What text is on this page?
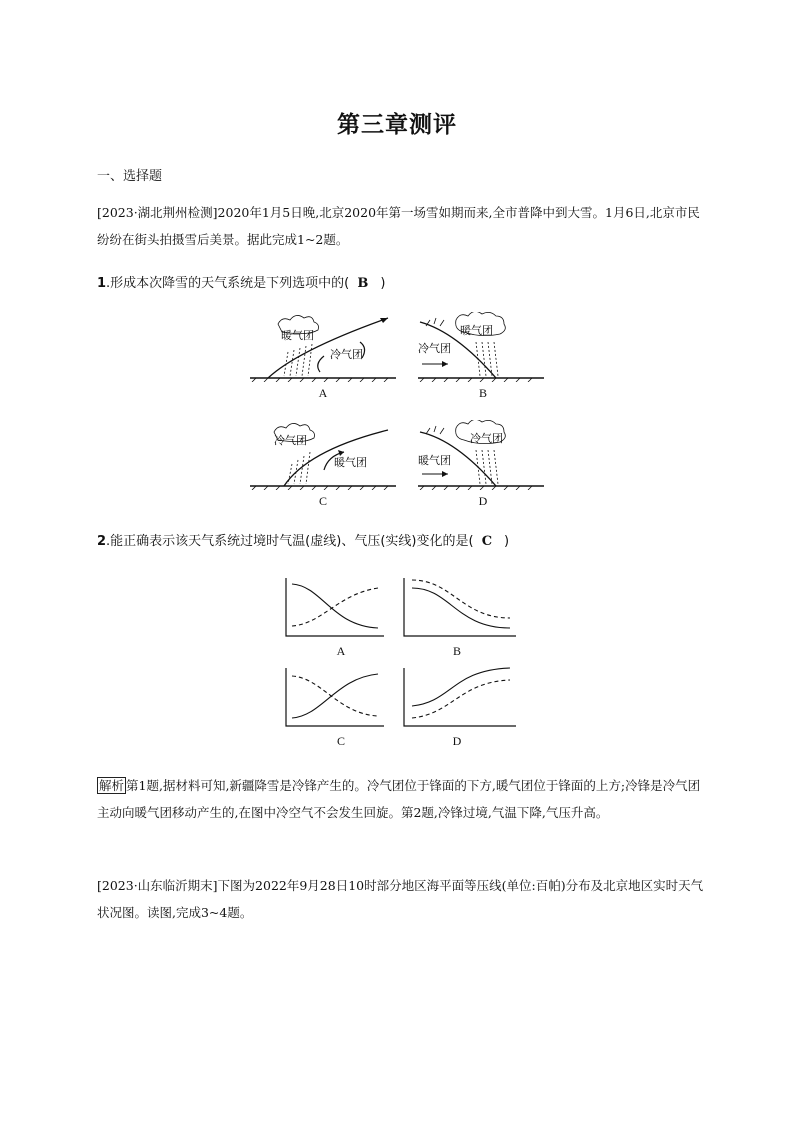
第三章测评
一、选择题
[2023·湖北荆州检测]2020年1月5日晚,北京2020年第一场雪如期而来,全市普降中到大雪。1月6日,北京市民纷纷在街头拍摄雪后美景。据此完成1~2题。
1.形成本次降雪的天气系统是下列选项中的( B )
暖气团
冷气团
A
暖气团
冷气团
B
冷气团
暖气团
C
冷气团
暖气团
D
2.能正确表示该天气系统过境时气温(虚线)、气压(实线)变化的是( C )
A	B
C	D
解析 第1题,据材料可知,新疆降雪是冷锋产生的。冷气团位于锋面的下方,暖气团位于锋面的上方;冷锋是冷气团主动向暖气团移动产生的,在图中冷空气不会发生回旋。第2题,冷锋过境,气温下降,气压升高。
[2023·山东临沂期末]下图为2022年9月28日10时部分地区海平面等压线(单位:百帕)分布及北京地区实时天气状况图。读图,完成3~4题。
